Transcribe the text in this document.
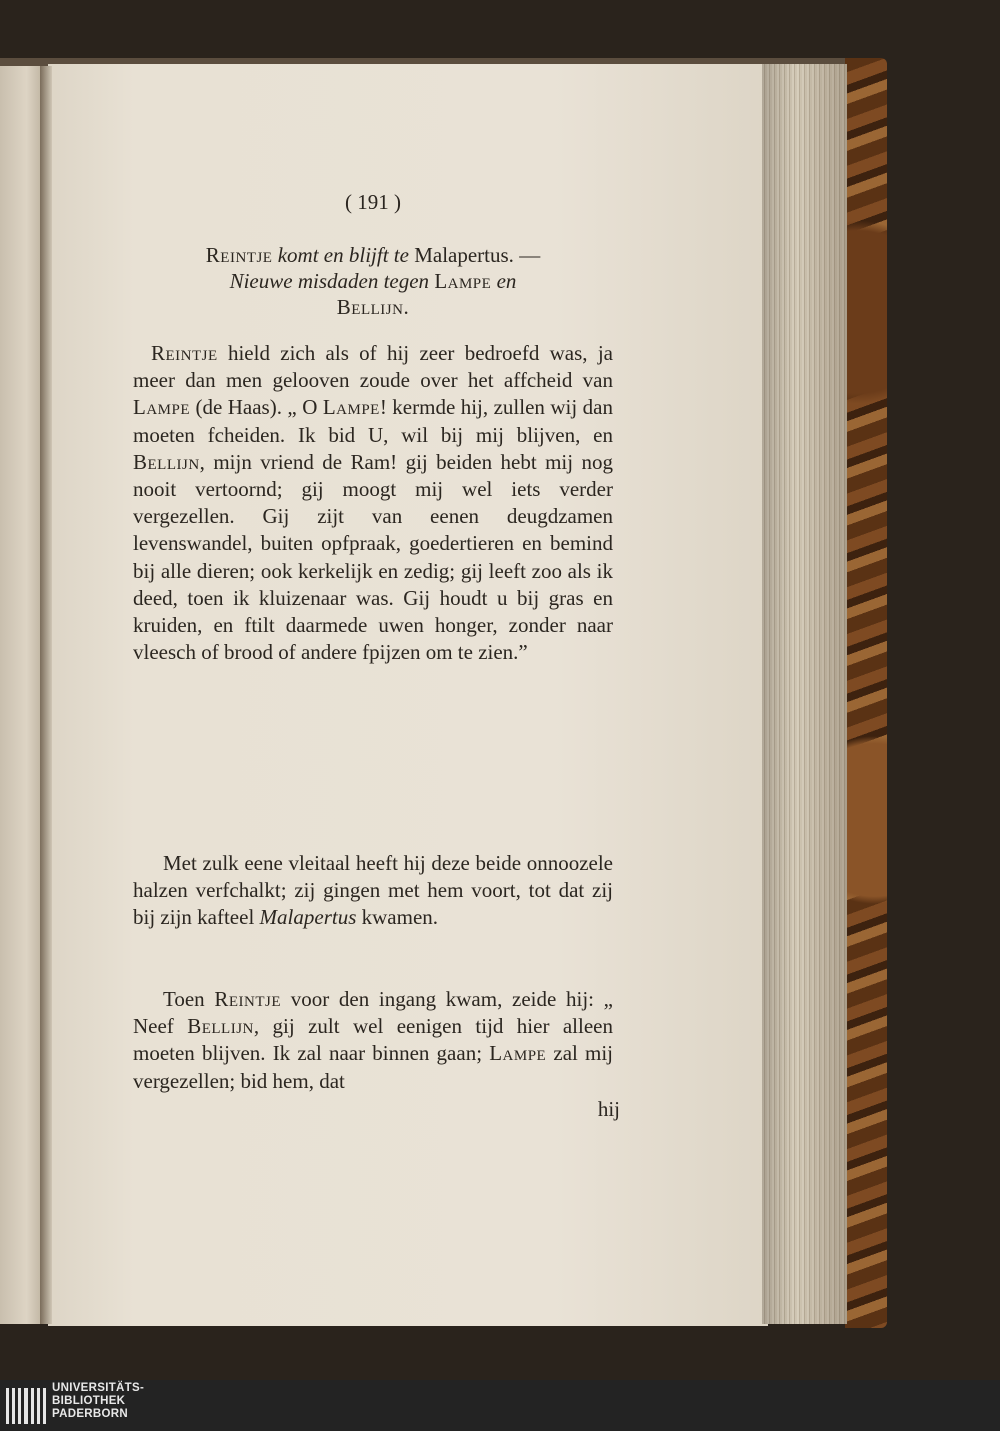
( 191 )
Reintje komt en blijft te Malapertus. —
Nieuwe misdaden tegen Lampe en
Bellijn.

Reintje hield zich als of hij zeer bedroefd was, ja meer dan men gelooven zoude over het affcheid van Lampe (de Haas). „ O Lampe! kermde hij, zullen wij dan moeten fcheiden. Ik bid U, wil bij mij blijven, en Bellijn, mijn vriend de Ram! gij beiden hebt mij nog nooit vertoornd; gij moogt mij wel iets verder vergezellen. Gij zijt van eenen deugdzamen levenswandel, buiten opfpraak, goedertieren en bemind bij alle dieren; ook kerkelijk en zedig; gij leeft zoo als ik deed, toen ik kluizenaar was. Gij houdt u bij gras en kruiden, en ftilt daarmede uwen honger, zonder naar vleesch of brood of andere fpijzen om te zien.”

Met zulk eene vleitaal heeft hij deze beide onnoozele halzen verfchalkt; zij gingen met hem voort, tot dat zij bij zijn kafteel Malapertus kwamen.

Toen Reintje voor den ingang kwam, zeide hij: „ Neef Bellijn, gij zult wel eenigen tijd hier alleen moeten blijven. Ik zal naar binnen gaan; Lampe zal mij vergezellen; bid hem, dat

hij
UNIVERSITÄTS-
BIBLIOTHEK
PADERBORN
